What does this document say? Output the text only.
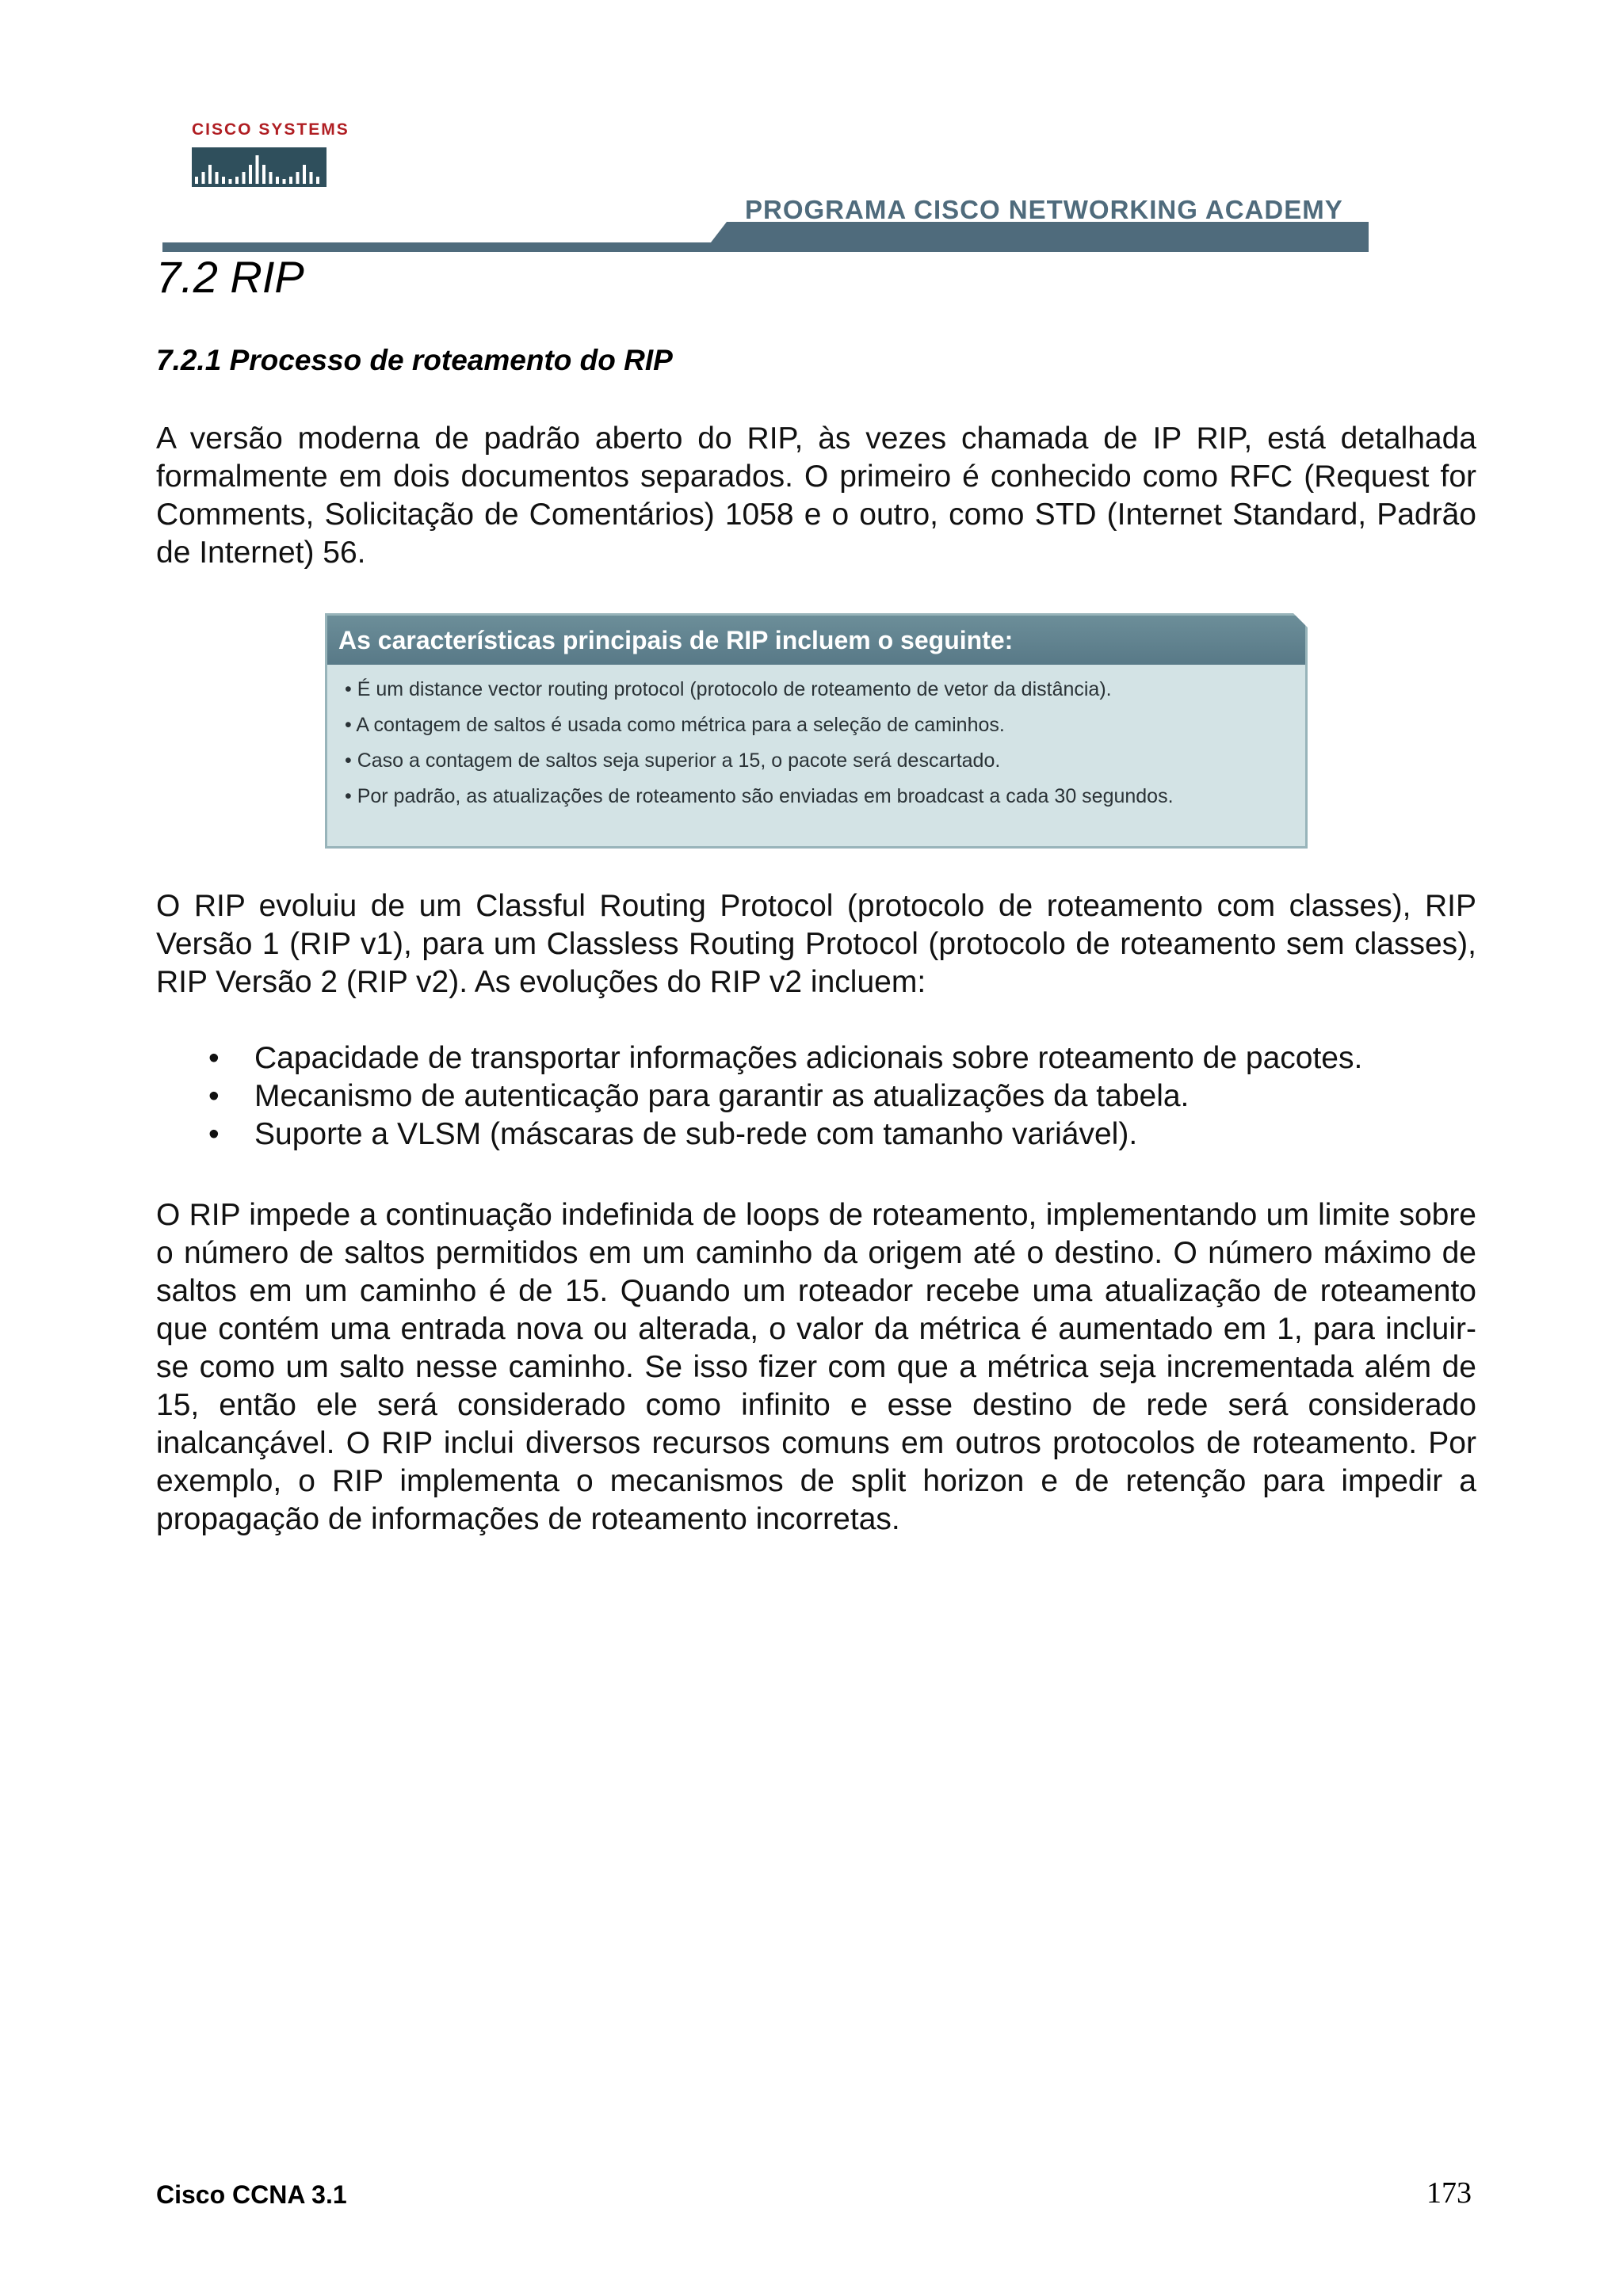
CISCO SYSTEMS
PROGRAMA CISCO NETWORKING ACADEMY
7.2 RIP
7.2.1 Processo de roteamento do RIP

A versão moderna de padrão aberto do RIP, às vezes chamada de IP RIP, está detalhada formalmente em dois documentos separados. O primeiro é conhecido como RFC (Request for Comments, Solicitação de Comentários) 1058 e o outro, como STD (Internet Standard, Padrão de Internet) 56.

As características principais de RIP incluem o seguinte:
• É um distance vector routing protocol (protocolo de roteamento de vetor da distância).
• A contagem de saltos é usada como métrica para a seleção de caminhos.
• Caso a contagem de saltos seja superior a 15, o pacote será descartado.
• Por padrão, as atualizações de roteamento são enviadas em broadcast a cada 30 segundos.

O RIP evoluiu de um Classful Routing Protocol (protocolo de roteamento com classes), RIP Versão 1 (RIP v1), para um Classless Routing Protocol (protocolo de roteamento sem classes), RIP Versão 2 (RIP v2). As evoluções do RIP v2 incluem:

• Capacidade de transportar informações adicionais sobre roteamento de pacotes.
• Mecanismo de autenticação para garantir as atualizações da tabela.
• Suporte a VLSM (máscaras de sub-rede com tamanho variável).

O RIP impede a continuação indefinida de loops de roteamento, implementando um limite sobre o número de saltos permitidos em um caminho da origem até o destino. O número máximo de saltos em um caminho é de 15. Quando um roteador recebe uma atualização de roteamento que contém uma entrada nova ou alterada, o valor da métrica é aumentado em 1, para incluir-se como um salto nesse caminho. Se isso fizer com que a métrica seja incrementada além de 15, então ele será considerado como infinito e esse destino de rede será considerado inalcançável. O RIP inclui diversos recursos comuns em outros protocolos de roteamento. Por exemplo, o RIP implementa o mecanismos de split horizon e de retenção para impedir a propagação de informações de roteamento incorretas.

Cisco CCNA 3.1	173
